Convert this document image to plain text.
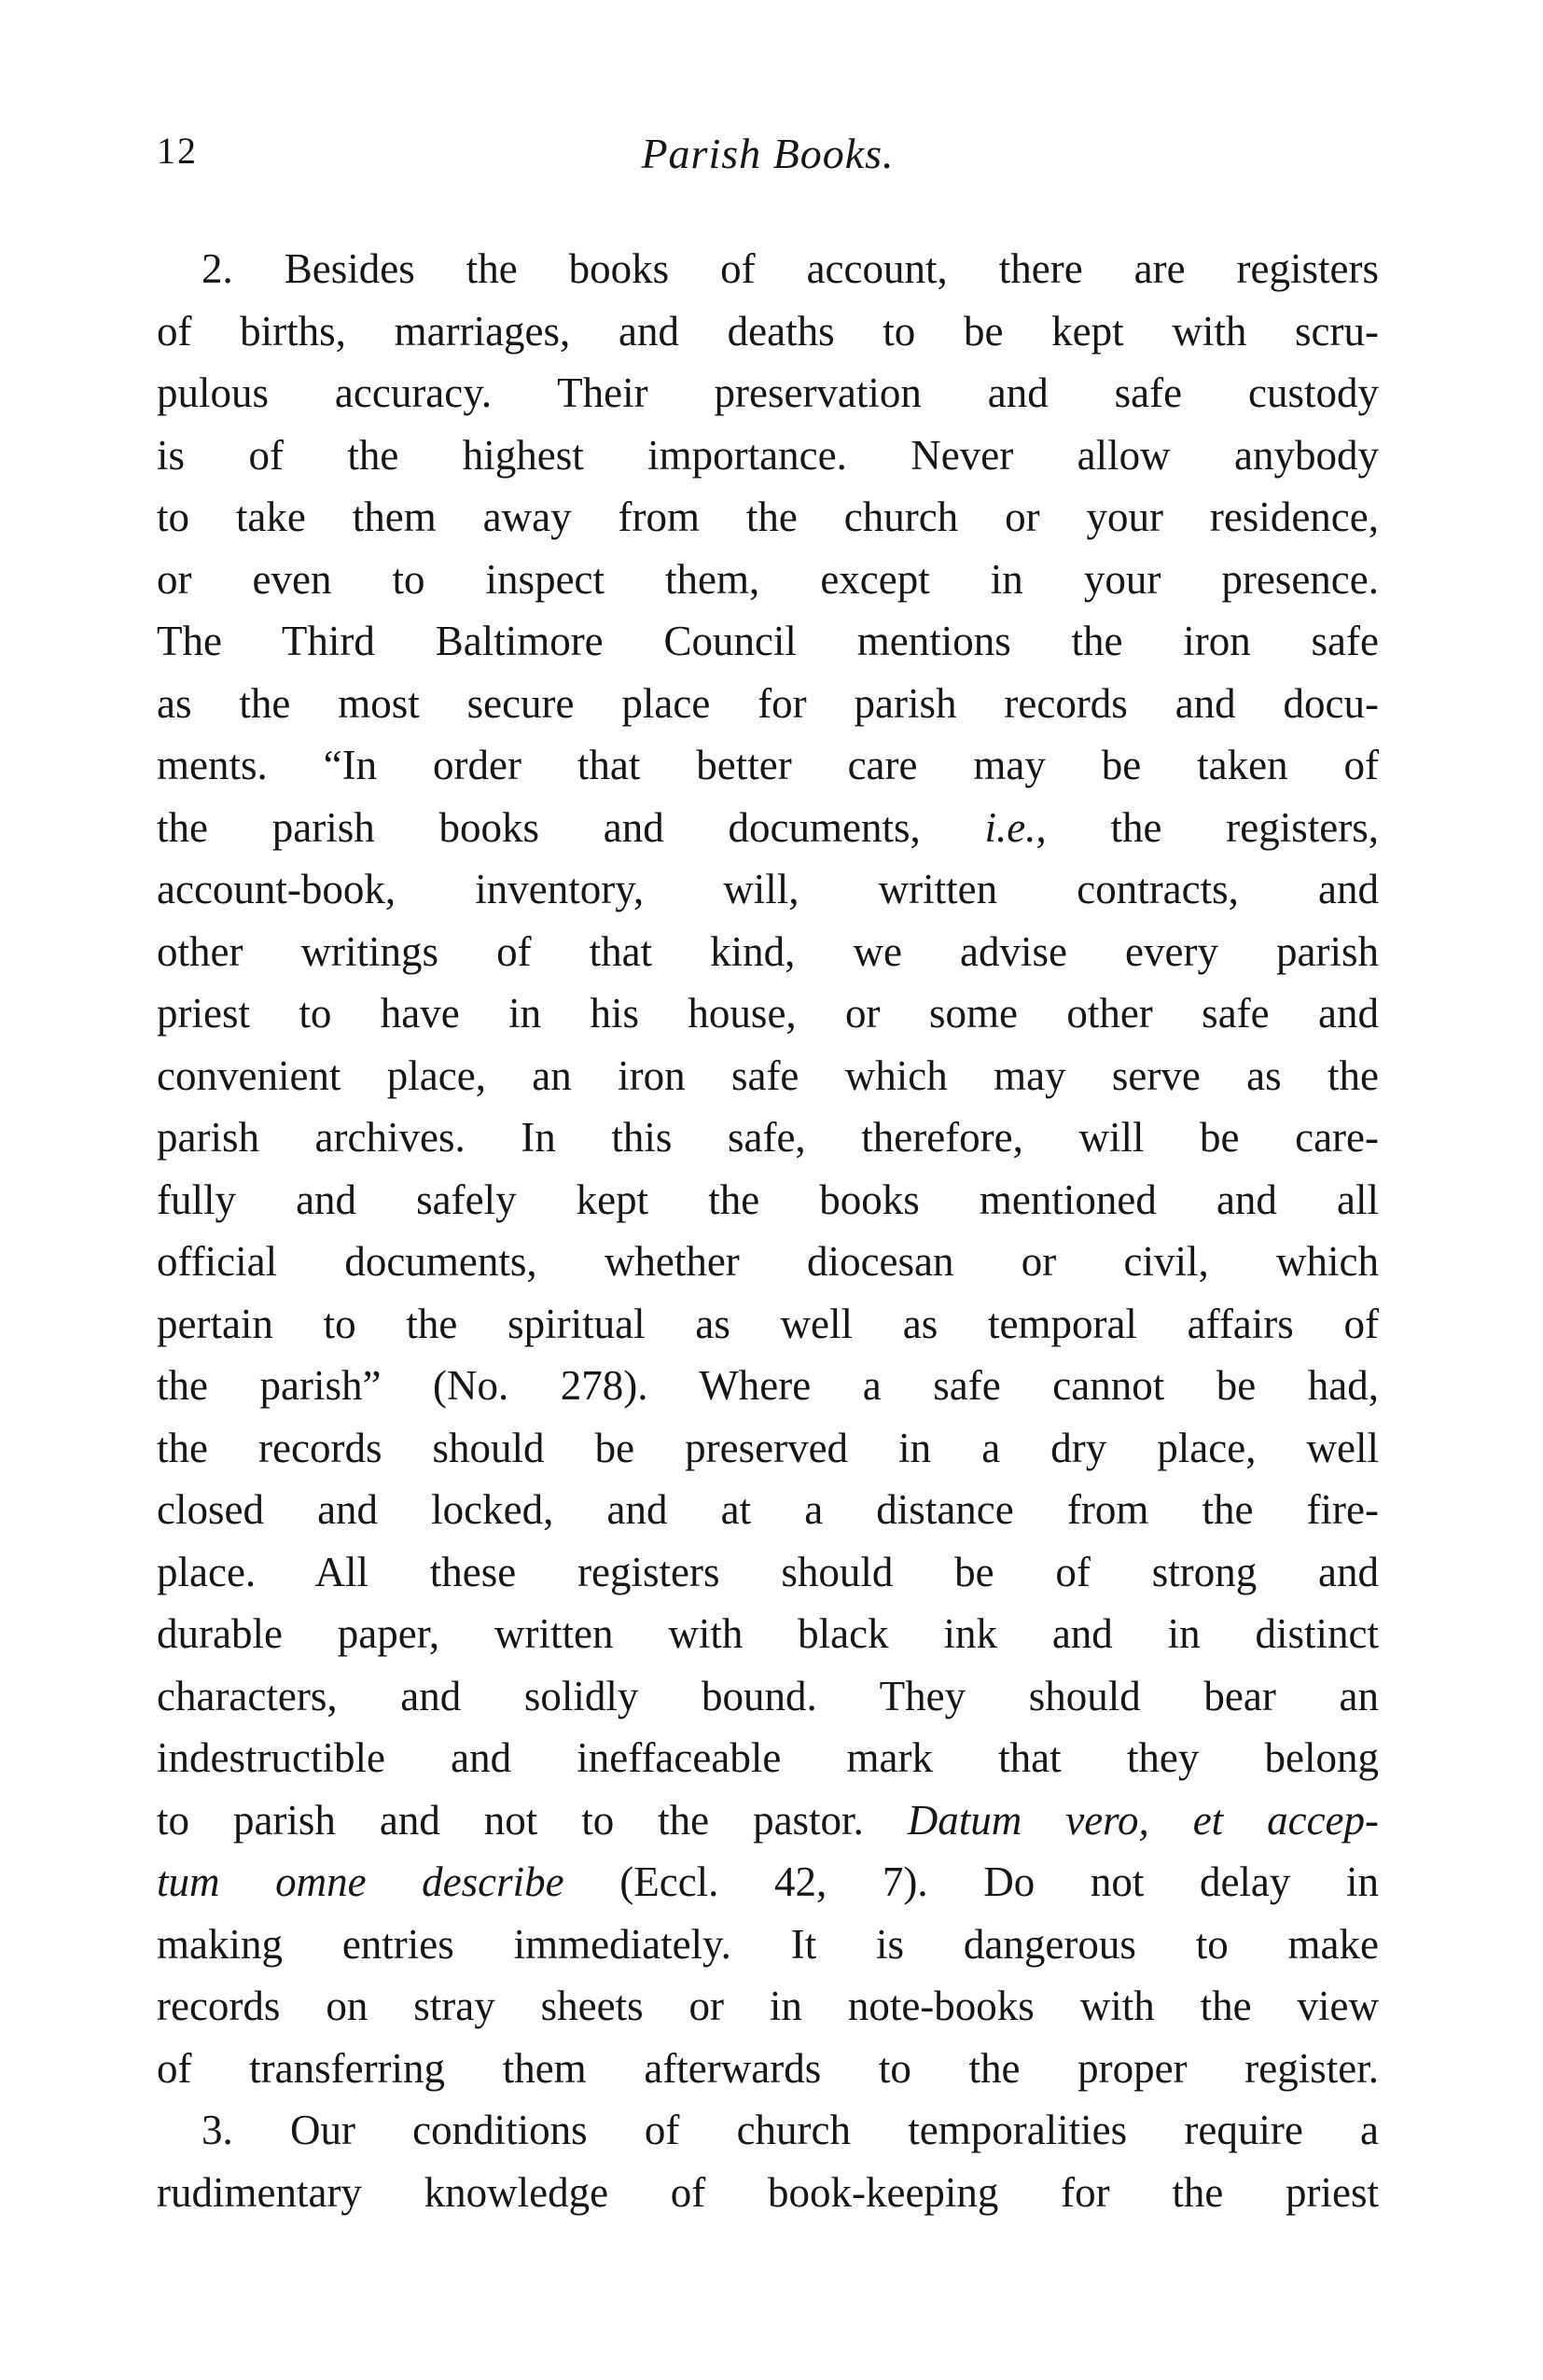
12	Parish Books.
2. Besides the books of account, there are registers
of births, marriages, and deaths to be kept with scru-
pulous accuracy. Their preservation and safe custody
is of the highest importance. Never allow anybody
to take them away from the church or your residence,
or even to inspect them, except in your presence.
The Third Baltimore Council mentions the iron safe
as the most secure place for parish records and docu-
ments. “In order that better care may be taken of
the parish books and documents, i.e., the registers,
account-book, inventory, will, written contracts, and
other writings of that kind, we advise every parish
priest to have in his house, or some other safe and
convenient place, an iron safe which may serve as the
parish archives. In this safe, therefore, will be care-
fully and safely kept the books mentioned and all
official documents, whether diocesan or civil, which
pertain to the spiritual as well as temporal affairs of
the parish” (No. 278). Where a safe cannot be had,
the records should be preserved in a dry place, well
closed and locked, and at a distance from the fire-
place. All these registers should be of strong and
durable paper, written with black ink and in distinct
characters, and solidly bound. They should bear an
indestructible and ineffaceable mark that they belong
to parish and not to the pastor. Datum vero, et accep-
tum omne describe (Eccl. 42, 7). Do not delay in
making entries immediately. It is dangerous to make
records on stray sheets or in note-books with the view
of transferring them afterwards to the proper register.
3. Our conditions of church temporalities require a
rudimentary knowledge of book-keeping for the priest
